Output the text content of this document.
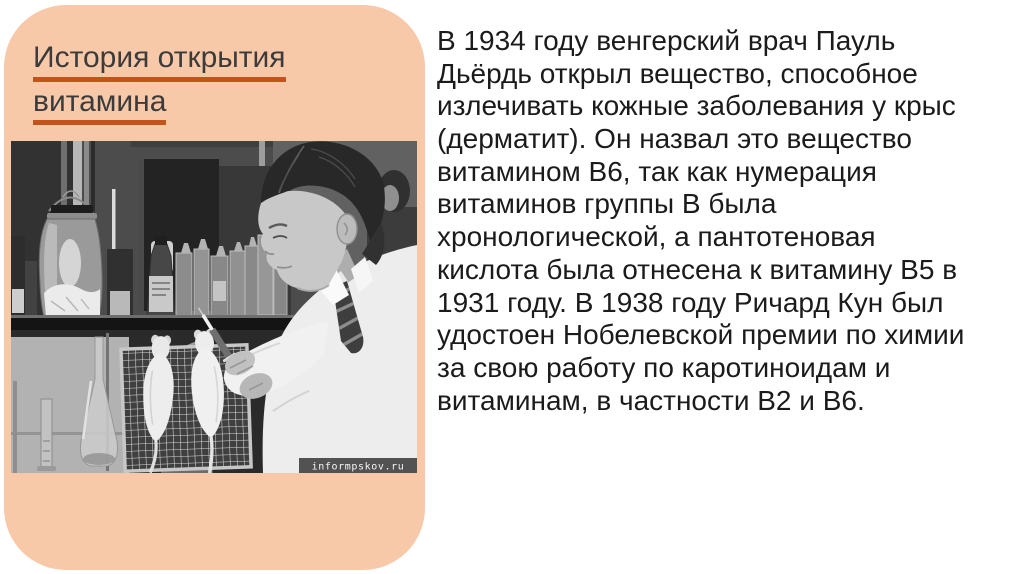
История открытия
витамина
informpskov.ru
В 1934 году венгерский врач Пауль
Дьёрдь открыл вещество, способное
излечивать кожные заболевания у крыс
(дерматит). Он назвал это вещество
витамином В6, так как нумерация
витаминов группы В была
хронологической, а пантотеновая
кислота была отнесена к витамину В5 в
1931 году. В 1938 году Ричард Кун был
удостоен Нобелевской премии по химии
за свою работу по каротиноидам и
витаминам, в частности В2 и В6.
